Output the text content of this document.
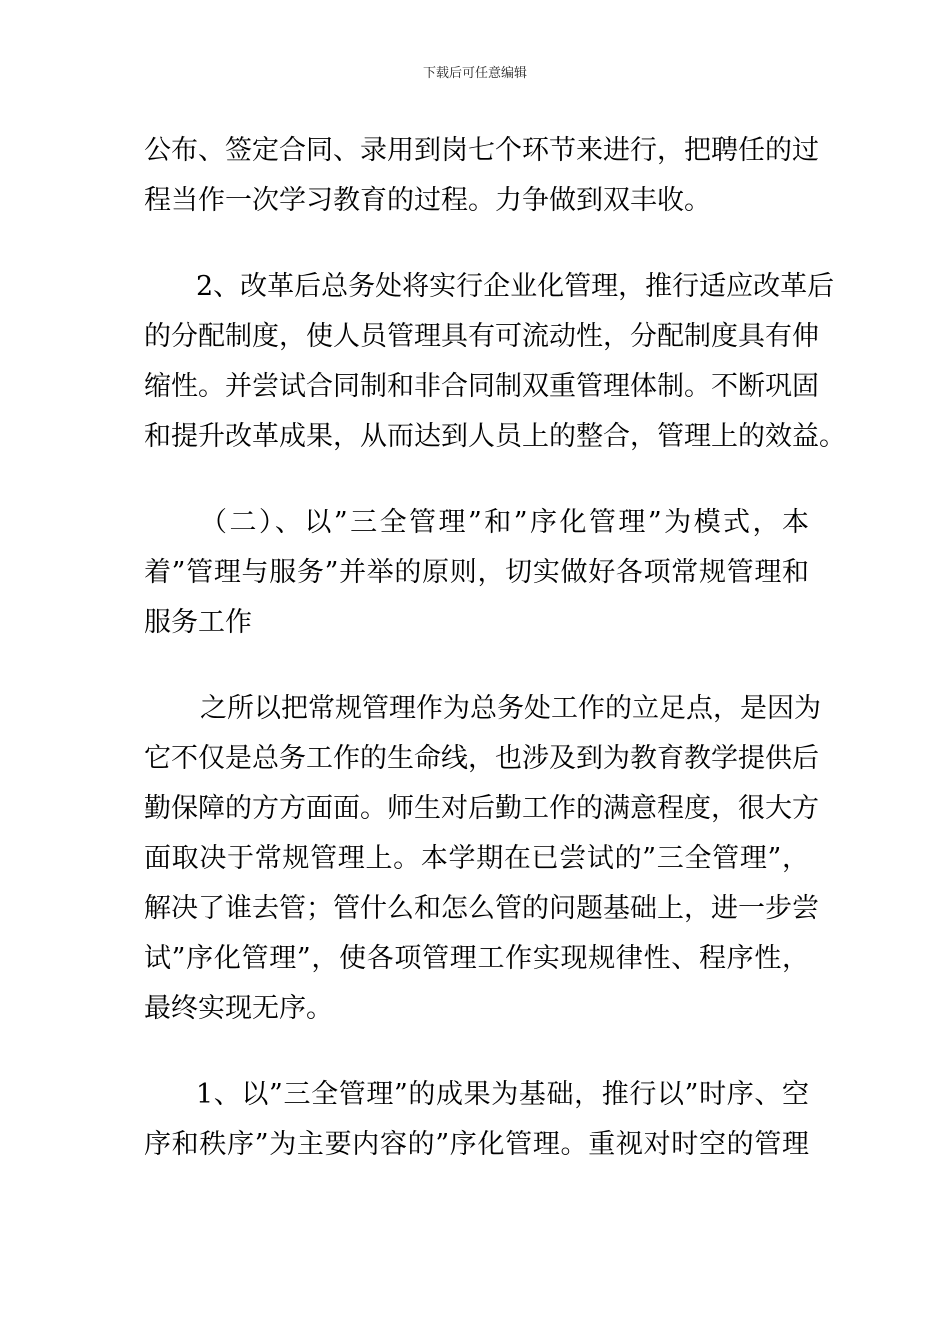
下载后可任意编辑
公布、签定合同、录用到岗七个环节来进行，把聘任的过
程当作一次学习教育的过程。力争做到双丰收。
2、改革后总务处将实行企业化管理，推行适应改革后
的分配制度，使人员管理具有可流动性，分配制度具有伸
缩性。并尝试合同制和非合同制双重管理体制。不断巩固
和提升改革成果，从而达到人员上的整合，管理上的效益。
（二）、以”三全管理”和”序化管理”为模式，本
着”管理与服务”并举的原则，切实做好各项常规管理和
服务工作
之所以把常规管理作为总务处工作的立足点，是因为
它不仅是总务工作的生命线，也涉及到为教育教学提供后
勤保障的方方面面。师生对后勤工作的满意程度，很大方
面取决于常规管理上。本学期在已尝试的”三全管理”，
解决了谁去管；管什么和怎么管的问题基础上，进一步尝
试”序化管理”，使各项管理工作实现规律性、程序性，
最终实现无序。
1、以”三全管理”的成果为基础，推行以”时序、空
序和秩序”为主要内容的”序化管理。重视对时空的管理
